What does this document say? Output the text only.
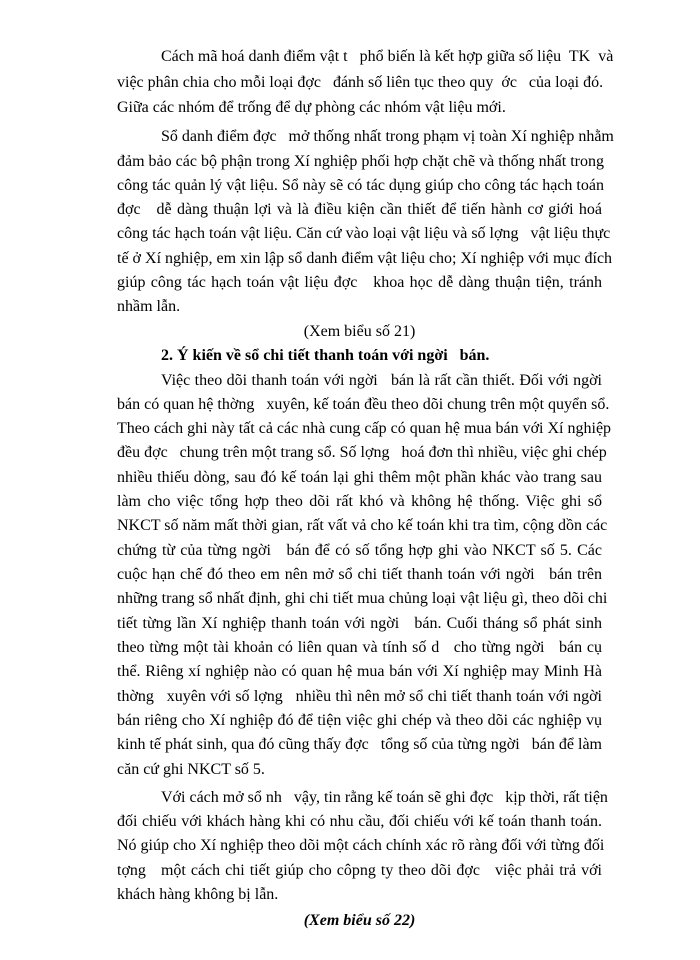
Cách mã hoá danh điểm vật t   phổ biến là kết hợp giữa số liệu  TK  và
việc phân chia cho mỗi loại đợc   đánh số liên tục theo quy  ớc   của loại đó.
Giữa các nhóm để trống để dự phòng các nhóm vật liệu mới.
Sổ danh điểm đợc   mở thống nhất trong phạm vị toàn Xí nghiệp nhằm
đảm bảo các bộ phận trong Xí nghiệp phối hợp chặt chẽ và thống nhất trong
công tác quản lý vật liệu. Sổ này sẽ có tác dụng giúp cho công tác hạch toán
đợc   dễ dàng thuận lợi và là điều kiện cần thiết để tiến hành cơ giới hoá
công tác hạch toán vật liệu. Căn cứ vào loại vật liệu và số lợng   vật liệu thực
tế ở Xí nghiệp, em xin lập sổ danh điểm vật liệu cho; Xí nghiệp với mục đích
giúp công tác hạch toán vật liệu đợc   khoa học dễ dàng thuận tiện, tránh
nhầm lẫn.
(Xem biểu số 21)
2. Ý kiến về sổ chi tiết thanh toán với ngời   bán.
Việc theo dõi thanh toán với ngời   bán là rất cần thiết. Đối với ngời
bán có quan hệ thờng   xuyên, kế toán đều theo dõi chung trên một quyển sổ.
Theo cách ghi này tất cả các nhà cung cấp có quan hệ mua bán với Xí nghiệp
đều đợc   chung trên một trang sổ. Số lợng   hoá đơn thì nhiều, việc ghi chép
nhiều thiếu dòng, sau đó kế toán lại ghi thêm một phần khác vào trang sau
làm cho việc tổng hợp theo dõi rất khó và không hệ thống. Việc ghi sổ
NKCT số năm mất thời gian, rất vất vả cho kế toán khi tra tìm, cộng dồn các
chứng từ của từng ngời   bán để có số tổng hợp ghi vào NKCT số 5. Các
cuộc hạn chế đó theo em nên mở sổ chi tiết thanh toán với ngời   bán trên
những trang sổ nhất định, ghi chi tiết mua chủng loại vật liệu gì, theo dõi chi
tiết từng lần Xí nghiệp thanh toán với ngời   bán. Cuối tháng sổ phát sinh
theo từng một tài khoản có liên quan và tính số d   cho từng ngời   bán cụ
thể. Riêng xí nghiệp nào có quan hệ mua bán với Xí nghiệp may Minh Hà
thờng   xuyên với số lợng   nhiều thì nên mở sổ chi tiết thanh toán với ngời
bán riêng cho Xí nghiệp đó để tiện việc ghi chép và theo dõi các nghiệp vụ
kinh tế phát sinh, qua đó cũng thấy đợc   tổng số của từng ngời   bán để làm
căn cứ ghi NKCT số 5.
Với cách mở sổ nh   vậy, tin rằng kế toán sẽ ghi đợc   kịp thời, rất tiện
đối chiếu với khách hàng khi có nhu cầu, đối chiếu với kế toán thanh toán.
Nó giúp cho Xí nghiệp theo dõi một cách chính xác rõ ràng đối với từng đối
tợng   một cách chi tiết giúp cho côpng ty theo dõi đợc   việc phải trả với
khách hàng không bị lẫn.
(Xem biểu số 22)
